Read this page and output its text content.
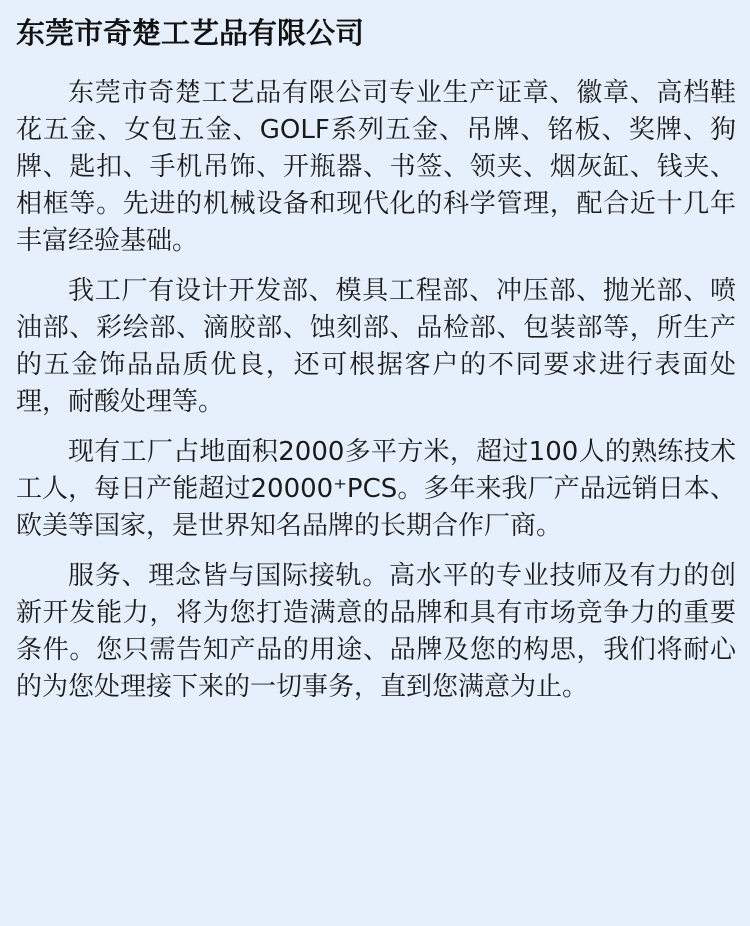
东莞市奇楚工艺品有限公司

东莞市奇楚工艺品有限公司专业生产证章、徽章、高档鞋花五金、女包五金、GOLF系列五金、吊牌、铭板、奖牌、狗牌、匙扣、手机吊饰、开瓶器、书签、领夹、烟灰缸、钱夹、相框等。先进的机械设备和现代化的科学管理，配合近十几年丰富经验基础。

我工厂有设计开发部、模具工程部、冲压部、抛光部、喷油部、彩绘部、滴胶部、蚀刻部、品检部、包装部等，所生产的五金饰品品质优良，还可根据客户的不同要求进行表面处理，耐酸处理等。

现有工厂占地面积2000多平方米，超过100人的熟练技术工人，每日产能超过20000⁺PCS。多年来我厂产品远销日本、欧美等国家，是世界知名品牌的长期合作厂商。

服务、理念皆与国际接轨。高水平的专业技师及有力的创新开发能力，将为您打造满意的品牌和具有市场竞争力的重要条件。您只需告知产品的用途、品牌及您的构思，我们将耐心的为您处理接下来的一切事务，直到您满意为止。
